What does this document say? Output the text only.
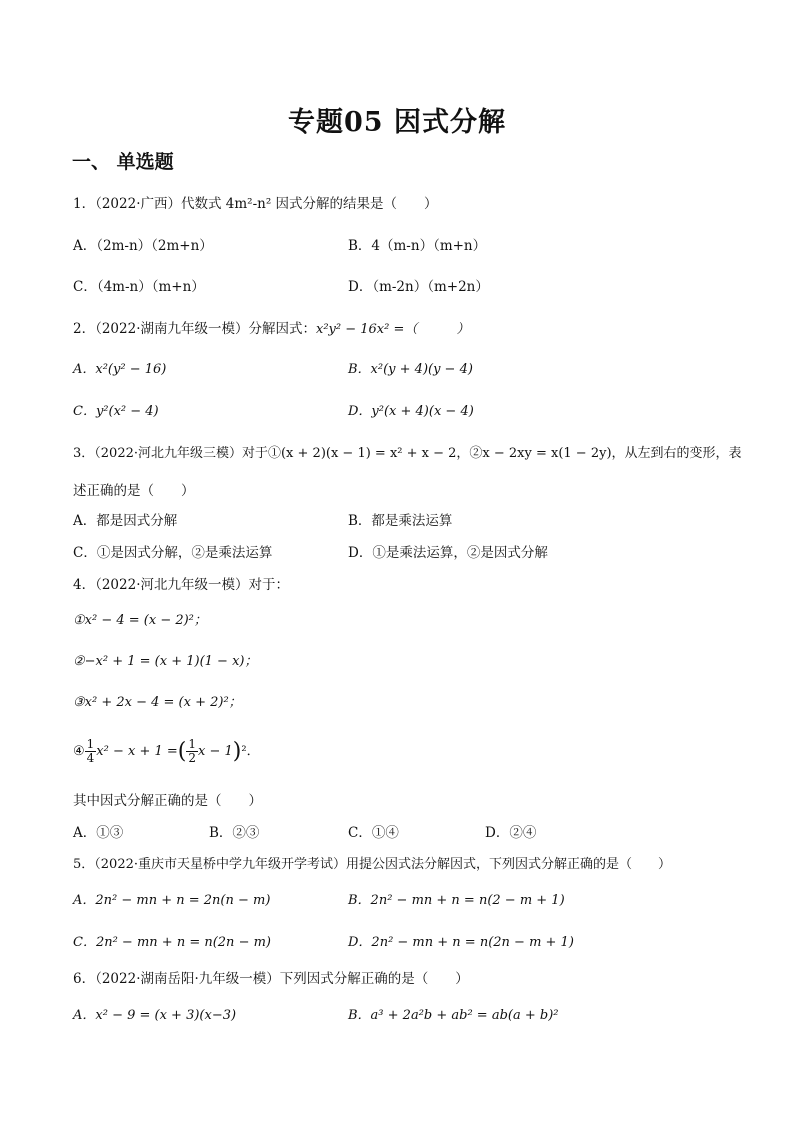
专题05 因式分解
一、 单选题
1．（2022·广西）代数式 4m²-n² 因式分解的结果是（　　）
A．（2m-n）（2m+n）	B．4（m-n）（m+n）
C．（4m-n）（m+n）	D．（m-2n）（m+2n）
2．（2022·湖南九年级一模）分解因式：x²y² − 16x² =（　　　）
A．x²(y² − 16)	B．x²(y + 4)(y − 4)
C．y²(x² − 4)	D．y²(x + 4)(x − 4)
3．（2022·河北九年级三模）对于①(x + 2)(x − 1) = x² + x − 2，②x − 2xy = x(1 − 2y)，从左到右的变形，表
述正确的是（　　）
A．都是因式分解	B．都是乘法运算
C．①是因式分解，②是乘法运算	D．①是乘法运算，②是因式分解
4．（2022·河北九年级一模）对于：
①x² − 4 = (x − 2)²；
②−x² + 1 = (x + 1)(1 − x)；
③x² + 2x − 4 = (x + 2)²；
④ $\frac{1}{4} x^2 - x + 1$ =( $\frac{1}{2}$ x − 1)²．
其中因式分解正确的是（　　）
A．①③	B．②③	C．①④	D．②④
5．（2022·重庆市天星桥中学九年级开学考试）用提公因式法分解因式，下列因式分解正确的是（　　）
A．2n² − mn + n = 2n(n − m)	B．2n² − mn + n = n(2 − m + 1)
C．2n² − mn + n = n(2n − m)	D．2n² − mn + n = n(2n − m + 1)
6．（2022·湖南岳阳·九年级一模）下列因式分解正确的是（　　）
A．x² − 9 = (x + 3)(x−3)	B．a³ + 2a²b + ab² = ab(a + b)²
